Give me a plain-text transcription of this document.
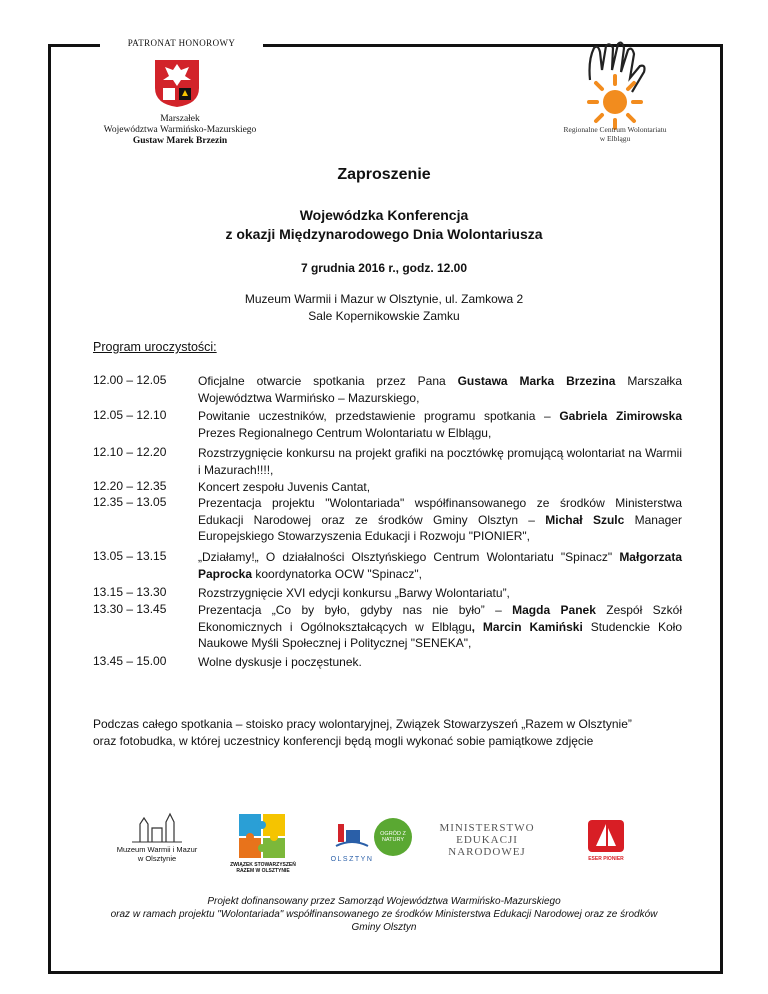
PATRONAT HONOROWY
Marszałek
Województwa Warmińsko-Mazurskiego
Gustaw Marek Brzezin
Regionalne Centrum Wolontariatu
w Elblągu
Zaproszenie
Wojewódzka Konferencja
z okazji Międzynarodowego Dnia Wolontariusza
7 grudnia 2016 r., godz. 12.00
Muzeum Warmii i Mazur w Olsztynie, ul. Zamkowa 2
Sale Kopernikowskie Zamku
Program uroczystości:
12.00 – 12.05	Oficjalne otwarcie spotkania przez Pana Gustawa Marka Brzezina Marszałka Województwa Warmińsko – Mazurskiego,
12.05 – 12.10	Powitanie uczestników, przedstawienie programu spotkania – Gabriela Zimirowska Prezes Regionalnego Centrum Wolontariatu w Elblągu,
12.10 – 12.20	Rozstrzygnięcie konkursu na projekt grafiki na pocztówkę promującą wolontariat na Warmii i Mazurach!!!!,
12.20 – 12.35	Koncert zespołu Juvenis Cantat,
12.35 – 13.05	Prezentacja projektu "Wolontariada" współfinansowanego ze środków Ministerstwa Edukacji Narodowej oraz ze środków Gminy Olsztyn – Michał Szulc Manager Europejskiego Stowarzyszenia Edukacji i Rozwoju "PIONIER",
13.05 – 13.15	„Działamy!„ O działalności Olsztyńskiego Centrum Wolontariatu "Spinacz" Małgorzata Paprocka koordynatorka OCW "Spinacz",
13.15 – 13.30	Rozstrzygnięcie XVI edycji konkursu „Barwy Wolontariatu”,
13.30 – 13.45	Prezentacja „Co by było, gdyby nas nie było” – Magda Panek Zespół Szkół Ekonomicznych i Ogólnokształcących w Elblągu, Marcin Kamiński Studenckie Koło Naukowe Myśli Społecznej i Politycznej "SENEKA",
13.45 – 15.00	Wolne dyskusje i poczęstunek.
Podczas całego spotkania – stoisko pracy wolontaryjnej, Związek Stowarzyszeń „Razem w Olsztynie”
oraz fotobudka, w której uczestnicy konferencji będą mogli wykonać sobie pamiątkowe zdjęcie
Muzeum Warmii i Mazur
w Olsztynie
ZWIĄZEK STOWARZYSZEŃ
RAZEM W OLSZTYNIE
OLSZTYN
OGRÓD Z NATURY
MINISTERSTWO
EDUKACJI
NARODOWEJ
ESER PIONIER
Projekt dofinansowany przez Samorząd Województwa Warmińsko-Mazurskiego
oraz w ramach projektu "Wolontariada" współfinansowanego ze środków Ministerstwa Edukacji Narodowej oraz ze środków
Gminy Olsztyn
